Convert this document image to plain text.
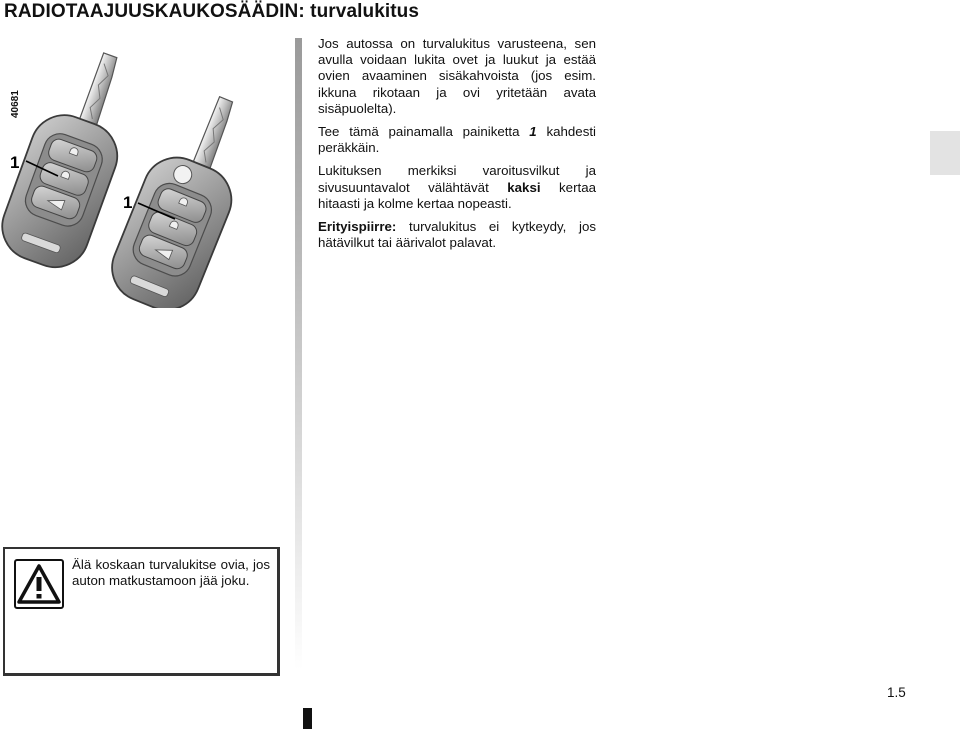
RADIOTAAJUUSKAUKOSÄÄDIN: turvalukitus
40681
1
1

Jos autossa on turvalukitus varusteena, sen avulla voidaan lukita ovet ja luukut ja estää ovien avaaminen sisäkahvoista (jos esim. ikkuna rikotaan ja ovi yritetään avata sisäpuolelta).

Tee tämä painamalla painiketta 1 kahdesti peräkkäin.

Lukituksen merkiksi varoitusvilkut ja sivusuuntavalot välähtävät kaksi kertaa hitaasti ja kolme kertaa nopeasti.

Erityispiirre: turvalukitus ei kytkeydy, jos hätävilkut tai äärivalot palavat.

Älä koskaan turvalukitse ovia, jos auton matkustamoon jää joku.

1.5
